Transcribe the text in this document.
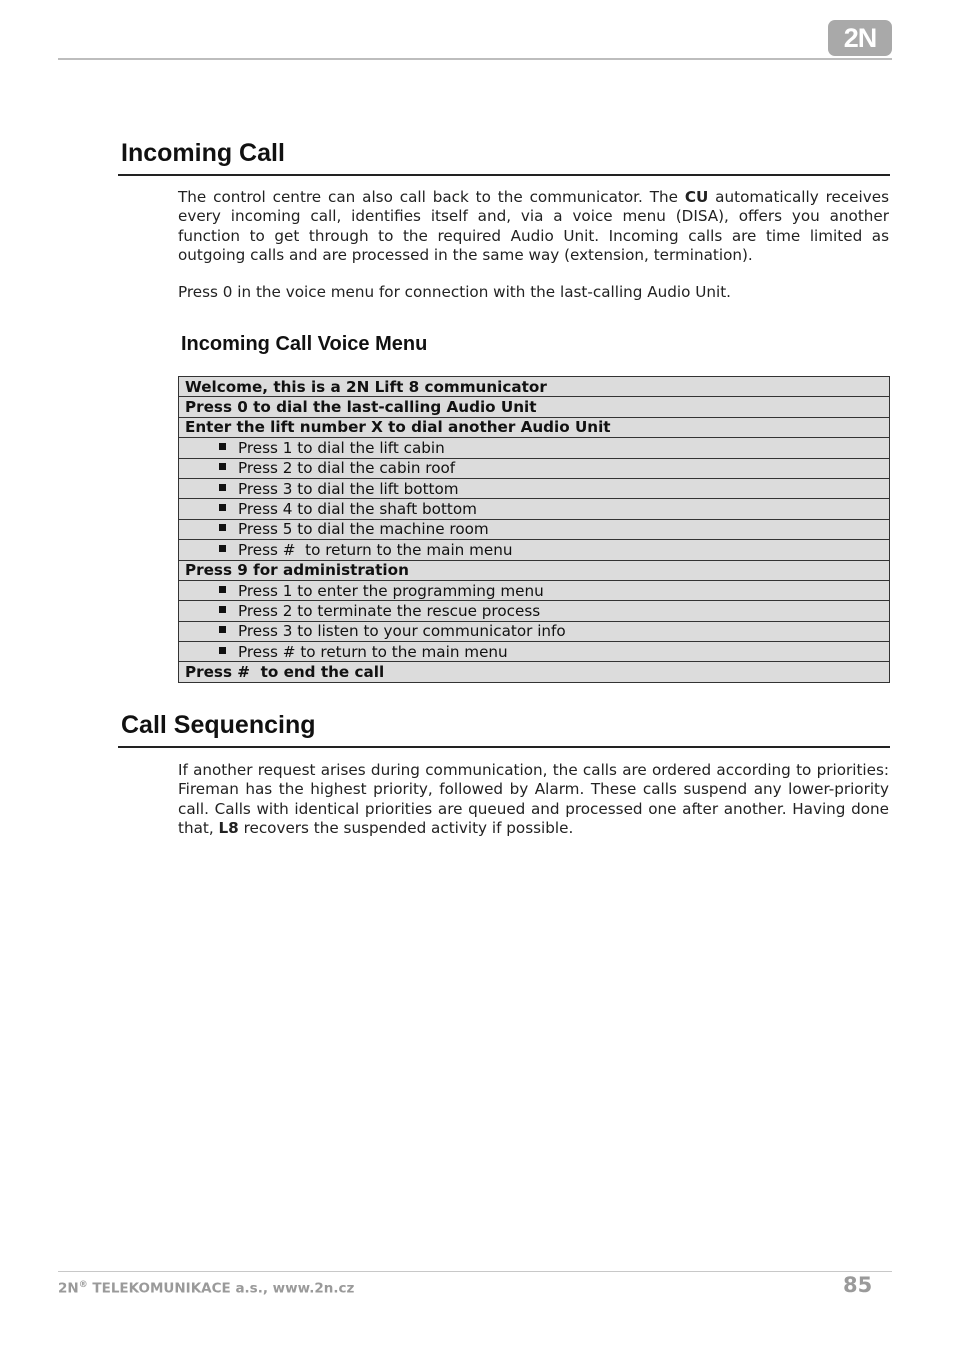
2N
Incoming Call

The control centre can also call back to the communicator. The CU automatically receives every incoming call, identifies itself and, via a voice menu (DISA), offers you another function to get through to the required Audio Unit. Incoming calls are time limited as outgoing calls and are processed in the same way (extension, termination).

Press 0 in the voice menu for connection with the last-calling Audio Unit.

Incoming Call Voice Menu
Welcome, this is a 2N Lift 8 communicator
Press 0 to dial the last-calling Audio Unit
Enter the lift number X to dial another Audio Unit
Press 1 to dial the lift cabin
Press 2 to dial the cabin roof
Press 3 to dial the lift bottom
Press 4 to dial the shaft bottom
Press 5 to dial the machine room
Press #  to return to the main menu
Press 9 for administration
Press 1 to enter the programming menu
Press 2 to terminate the rescue process
Press 3 to listen to your communicator info
Press # to return to the main menu
Press #  to end the call
Call Sequencing

If another request arises during communication, the calls are ordered according to priorities: Fireman has the highest priority, followed by Alarm. These calls suspend any lower-priority call. Calls with identical priorities are queued and processed one after another. Having done that, L8 recovers the suspended activity if possible.

2N® TELEKOMUNIKACE a.s., www.2n.cz	85
